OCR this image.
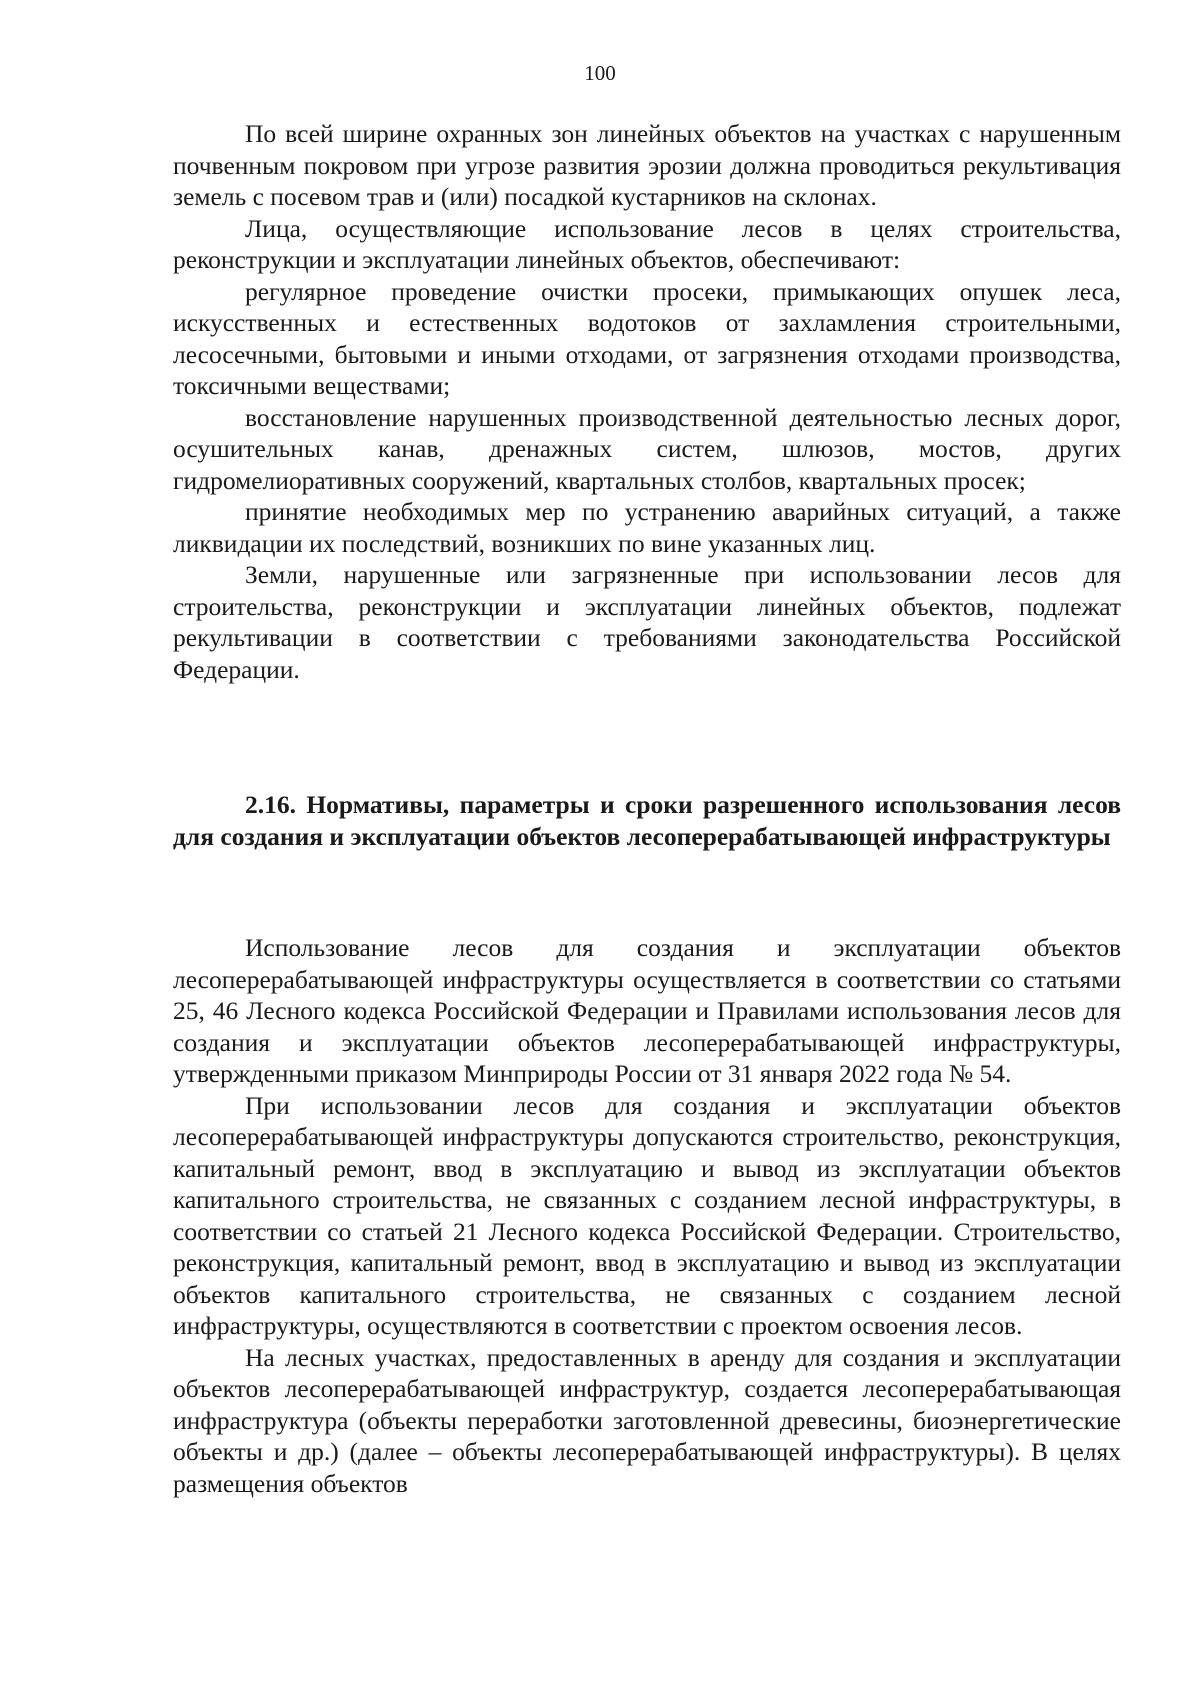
100

По всей ширине охранных зон линейных объектов на участках с нарушенным почвенным покровом при угрозе развития эрозии должна проводиться рекультивация земель с посевом трав и (или) посадкой кустарников на склонах.

Лица, осуществляющие использование лесов в целях строительства, реконструкции и эксплуатации линейных объектов, обеспечивают:

регулярное проведение очистки просеки, примыкающих опушек леса, искусственных и естественных водотоков от захламления строительными, лесосечными, бытовыми и иными отходами, от загрязнения отходами производства, токсичными веществами;

восстановление нарушенных производственной деятельностью лесных дорог, осушительных канав, дренажных систем, шлюзов, мостов, других гидромелиоративных сооружений, квартальных столбов, квартальных просек;

принятие необходимых мер по устранению аварийных ситуаций, а также ликвидации их последствий, возникших по вине указанных лиц.

Земли, нарушенные или загрязненные при использовании лесов для строительства, реконструкции и эксплуатации линейных объектов, подлежат рекультивации в соответствии с требованиями законодательства Российской Федерации.

2.16. Нормативы, параметры и сроки разрешенного использования лесов для создания и эксплуатации объектов лесоперерабатывающей инфраструктуры

Использование лесов для создания и эксплуатации объектов лесоперерабатывающей инфраструктуры осуществляется в соответствии со статьями 25, 46 Лесного кодекса Российской Федерации и Правилами использования лесов для создания и эксплуатации объектов лесоперерабатывающей инфраструктуры, утвержденными приказом Минприроды России от 31 января 2022 года № 54.

При использовании лесов для создания и эксплуатации объектов лесоперерабатывающей инфраструктуры допускаются строительство, реконструкция, капитальный ремонт, ввод в эксплуатацию и вывод из эксплуатации объектов капитального строительства, не связанных с созданием лесной инфраструктуры, в соответствии со статьей 21 Лесного кодекса Российской Федерации. Строительство, реконструкция, капитальный ремонт, ввод в эксплуатацию и вывод из эксплуатации объектов капитального строительства, не связанных с созданием лесной инфраструктуры, осуществляются в соответствии с проектом освоения лесов.

На лесных участках, предоставленных в аренду для создания и эксплуатации объектов лесоперерабатывающей инфраструктур, создается лесоперерабатывающая инфраструктура (объекты переработки заготовленной древесины, биоэнергетические объекты и др.) (далее – объекты лесоперерабатывающей инфраструктуры). В целях размещения объектов
